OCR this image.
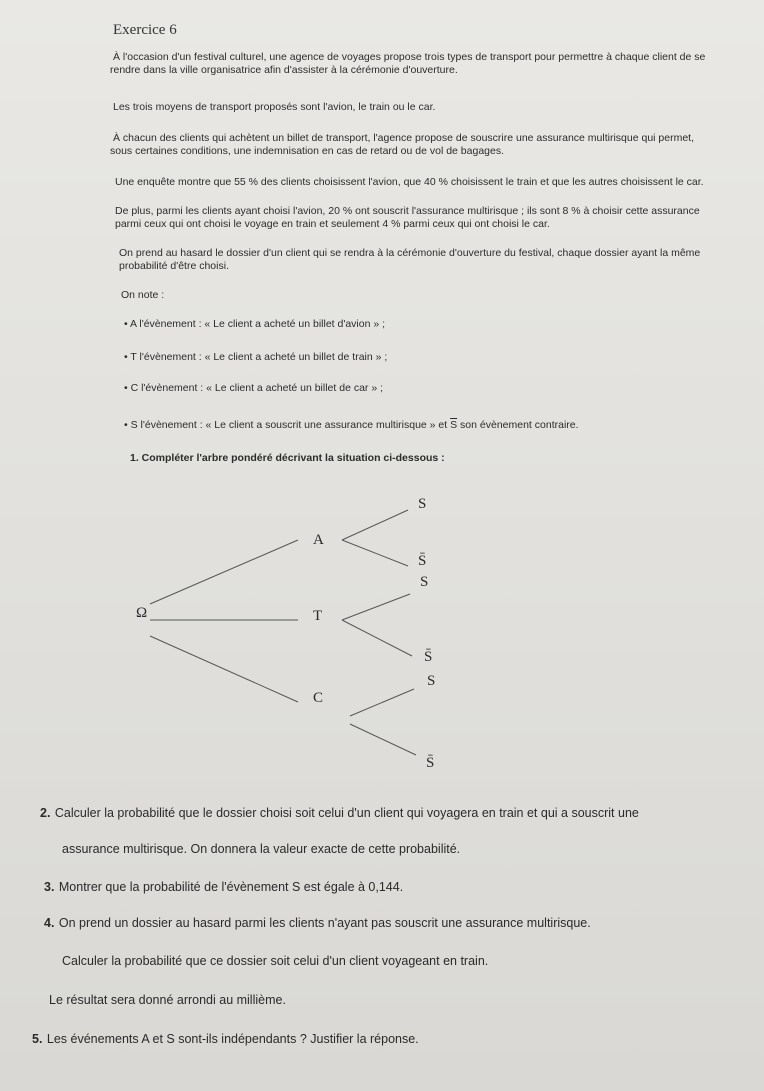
Exercice 6
À l'occasion d'un festival culturel, une agence de voyages propose trois types de transport pour permettre à chaque client de se
rendre dans la ville organisatrice afin d'assister à la cérémonie d'ouverture.
Les trois moyens de transport proposés sont l'avion, le train ou le car.
À chacun des clients qui achètent un billet de transport, l'agence propose de souscrire une assurance multirisque qui permet,
sous certaines conditions, une indemnisation en cas de retard ou de vol de bagages.
Une enquête montre que 55 % des clients choisissent l'avion, que 40 % choisissent le train et que les autres choisissent le car.
De plus, parmi les clients ayant choisi l'avion, 20 % ont souscrit l'assurance multirisque ; ils sont 8 % à choisir cette assurance
parmi ceux qui ont choisi le voyage en train et seulement 4 % parmi ceux qui ont choisi le car.
On prend au hasard le dossier d'un client qui se rendra à la cérémonie d'ouverture du festival, chaque dossier ayant la même
probabilité d'être choisi.
On note :
• A l'évènement : « Le client a acheté un billet d'avion » ;
• T l'évènement : « Le client a acheté un billet de train » ;
• C l'évènement : « Le client a acheté un billet de car » ;
• S l'évènement : « Le client a souscrit une assurance multirisque » et $\overline{S}$ son évènement contraire.
1. Compléter l'arbre pondéré décrivant la situation ci-dessous :
Ω
A
T
C
S
S̄
S
S̄
S
S̄
2. Calculer la probabilité que le dossier choisi soit celui d'un client qui voyagera en train et qui a souscrit une
assurance multirisque. On donnera la valeur exacte de cette probabilité.
3. Montrer que la probabilité de l'évènement S est égale à 0,144.
4. On prend un dossier au hasard parmi les clients n'ayant pas souscrit une assurance multirisque.
Calculer la probabilité que ce dossier soit celui d'un client voyageant en train.
Le résultat sera donné arrondi au millième.
5. Les événements A et S sont-ils indépendants ? Justifier la réponse.
